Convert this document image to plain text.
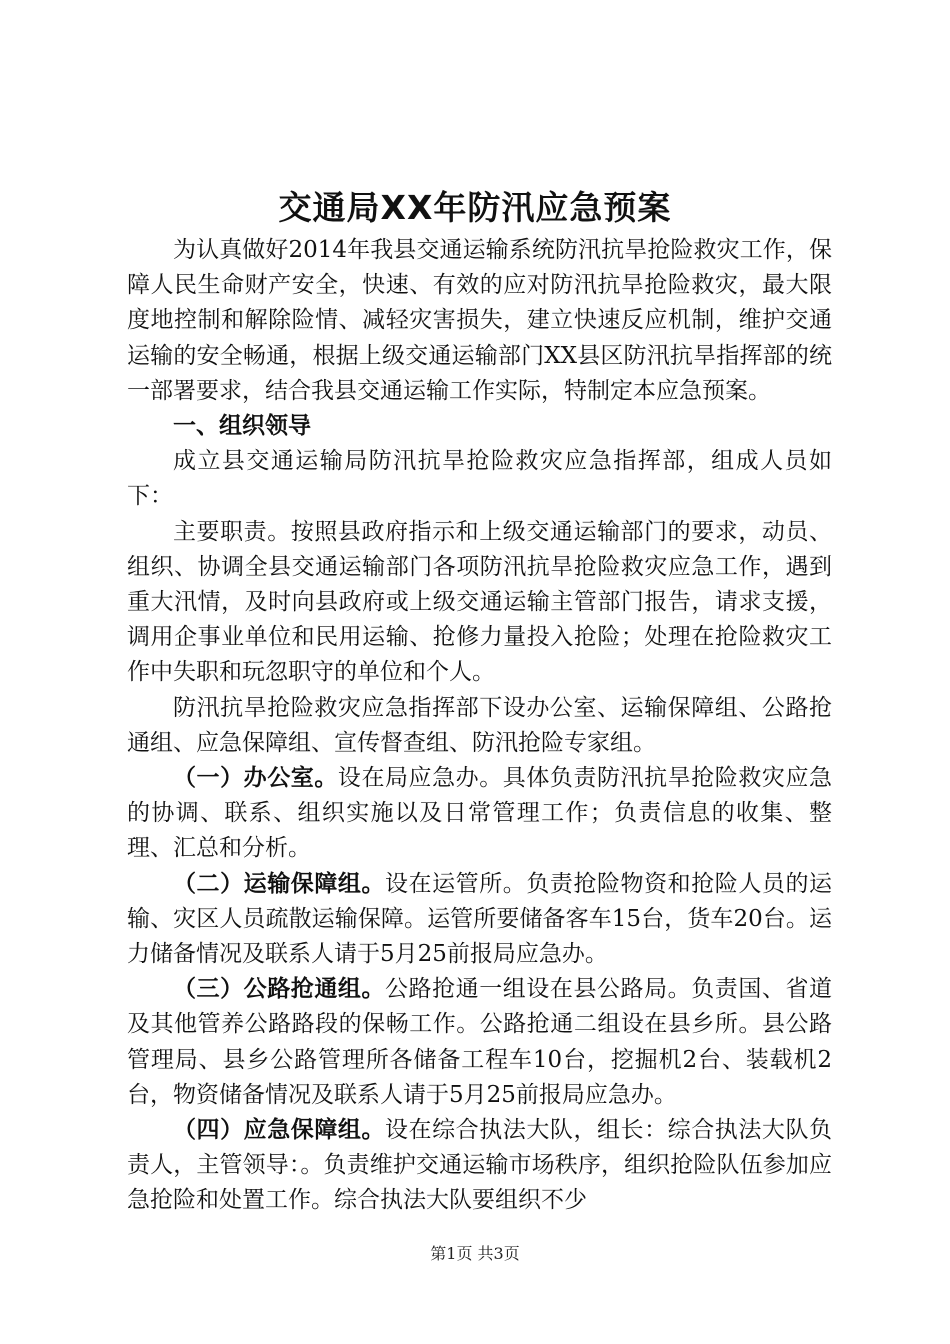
交通局XX年防汛应急预案

为认真做好2014年我县交通运输系统防汛抗旱抢险救灾工作，保障人民生命财产安全，快速、有效的应对防汛抗旱抢险救灾，最大限度地控制和解除险情、减轻灾害损失，建立快速反应机制，维护交通运输的安全畅通，根据上级交通运输部门XX县区防汛抗旱指挥部的统一部署要求，结合我县交通运输工作实际，特制定本应急预案。

一、组织领导

成立县交通运输局防汛抗旱抢险救灾应急指挥部，组成人员如下：

主要职责。按照县政府指示和上级交通运输部门的要求，动员、组织、协调全县交通运输部门各项防汛抗旱抢险救灾应急工作，遇到重大汛情，及时向县政府或上级交通运输主管部门报告，请求支援，调用企事业单位和民用运输、抢修力量投入抢险；处理在抢险救灾工作中失职和玩忽职守的单位和个人。

防汛抗旱抢险救灾应急指挥部下设办公室、运输保障组、公路抢通组、应急保障组、宣传督查组、防汛抢险专家组。

（一）办公室。设在局应急办。具体负责防汛抗旱抢险救灾应急的协调、联系、组织实施以及日常管理工作；负责信息的收集、整理、汇总和分析。

（二）运输保障组。设在运管所。负责抢险物资和抢险人员的运输、灾区人员疏散运输保障。运管所要储备客车15台，货车20台。运力储备情况及联系人请于5月25前报局应急办。

（三）公路抢通组。公路抢通一组设在县公路局。负责国、省道及其他管养公路路段的保畅工作。公路抢通二组设在县乡所。县公路管理局、县乡公路管理所各储备工程车10台，挖掘机2台、装载机2台，物资储备情况及联系人请于5月25前报局应急办。

（四）应急保障组。设在综合执法大队，组长：综合执法大队负责人，主管领导：。负责维护交通运输市场秩序，组织抢险队伍参加应急抢险和处置工作。综合执法大队要组织不少

第1页 共3页
